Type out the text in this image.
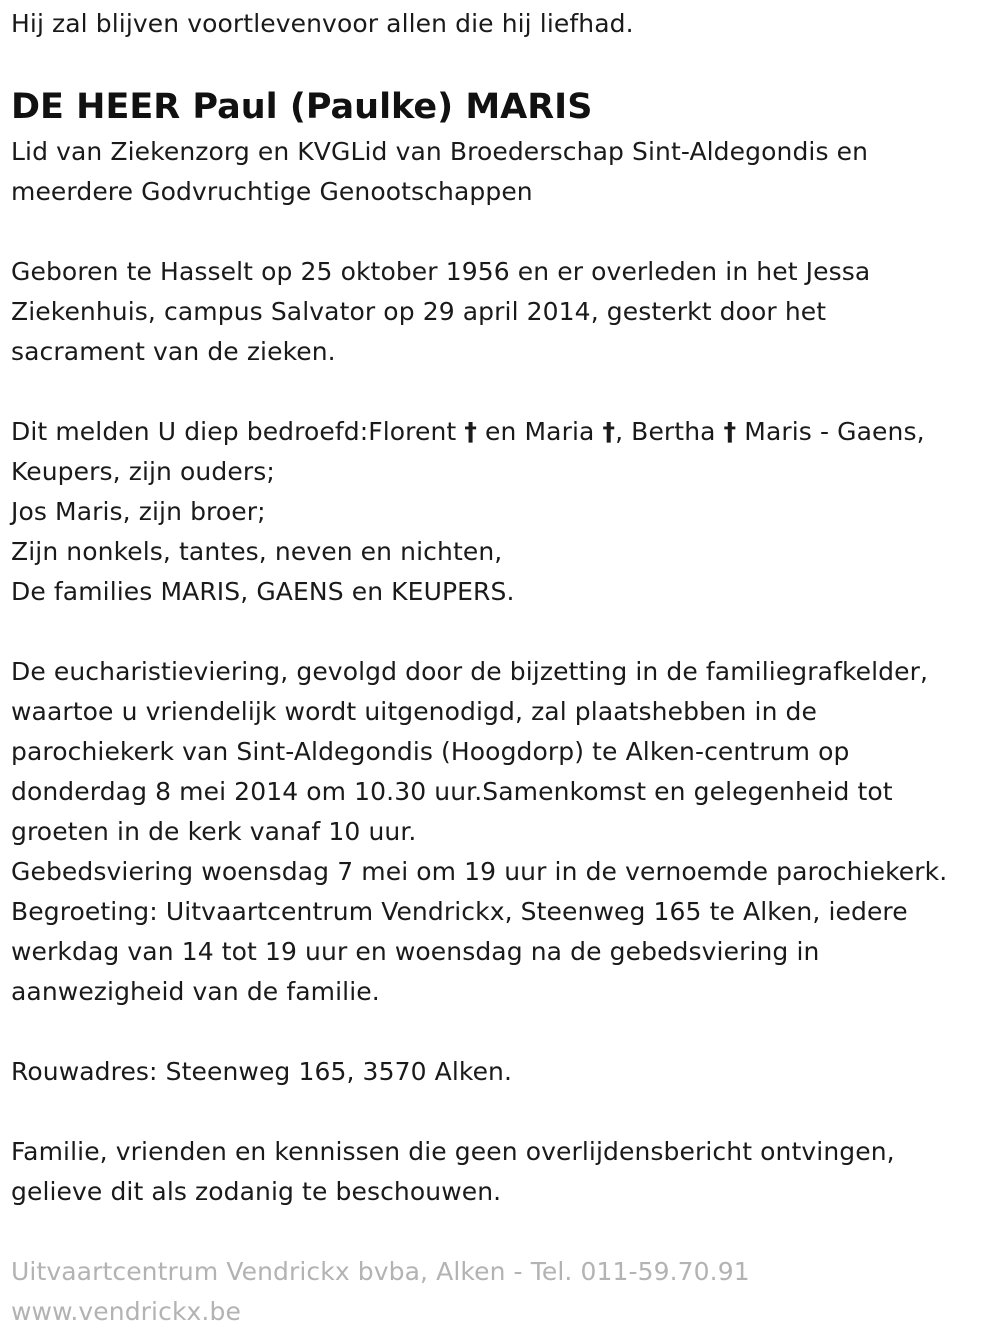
Hij zal blijven voortlevenvoor allen die hij liefhad.
DE HEER Paul (Paulke) MARIS
Lid van Ziekenzorg en KVGLid van Broederschap Sint-Aldegondis en
meerdere Godvruchtige Genootschappen
Geboren te Hasselt op 25 oktober 1956 en er overleden in het Jessa
Ziekenhuis, campus Salvator op 29 april 2014, gesterkt door het
sacrament van de zieken.
Dit melden U diep bedroefd:Florent † en Maria †, Bertha † Maris - Gaens,
Keupers, zijn ouders;
Jos Maris, zijn broer;
Zijn nonkels, tantes, neven en nichten,
De families MARIS, GAENS en KEUPERS.
De eucharistieviering, gevolgd door de bijzetting in de familiegrafkelder,
waartoe u vriendelijk wordt uitgenodigd, zal plaatshebben in de
parochiekerk van Sint-Aldegondis (Hoogdorp) te Alken-centrum op
donderdag 8 mei 2014 om 10.30 uur.Samenkomst en gelegenheid tot
groeten in de kerk vanaf 10 uur.
Gebedsviering woensdag 7 mei om 19 uur in de vernoemde parochiekerk.
Begroeting: Uitvaartcentrum Vendrickx, Steenweg 165 te Alken, iedere
werkdag van 14 tot 19 uur en woensdag na de gebedsviering in
aanwezigheid van de familie.
Rouwadres: Steenweg 165, 3570 Alken.
Familie, vrienden en kennissen die geen overlijdensbericht ontvingen,
gelieve dit als zodanig te beschouwen.
Uitvaartcentrum Vendrickx bvba, Alken - Tel. 011-59.70.91
www.vendrickx.be
